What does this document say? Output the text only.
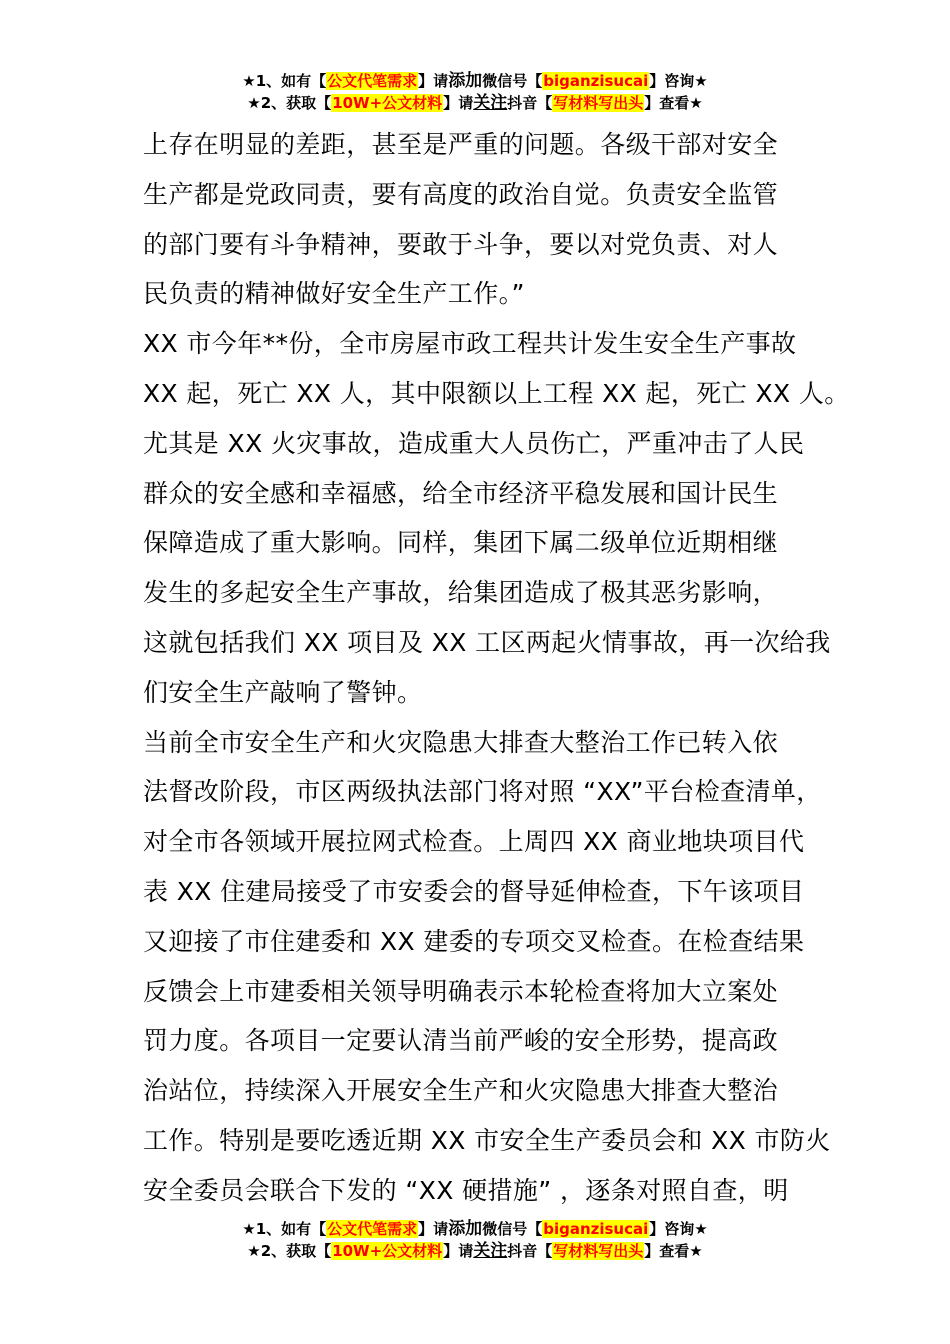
★1、如有【公文代笔需求】请添加微信号【biganzisucai】咨询★
★2、获取【10W+公文材料】请关注抖音【写材料写出头】查看★
上存在明显的差距，甚至是严重的问题。各级干部对安全
生产都是党政同责，要有高度的政治自觉。负责安全监管
的部门要有斗争精神，要敢于斗争，要以对党负责、对人
民负责的精神做好安全生产工作。”
XX 市今年**份，全市房屋市政工程共计发生安全生产事故
XX 起，死亡 XX 人，其中限额以上工程 XX 起，死亡 XX 人。
尤其是 XX 火灾事故，造成重大人员伤亡，严重冲击了人民
群众的安全感和幸福感，给全市经济平稳发展和国计民生
保障造成了重大影响。同样，集团下属二级单位近期相继
发生的多起安全生产事故，给集团造成了极其恶劣影响，
这就包括我们 XX 项目及 XX 工区两起火情事故，再一次给我
们安全生产敲响了警钟。
当前全市安全生产和火灾隐患大排查大整治工作已转入依
法督改阶段，市区两级执法部门将对照 “XX”平台检查清单，
对全市各领域开展拉网式检查。上周四 XX 商业地块项目代
表 XX 住建局接受了市安委会的督导延伸检查，下午该项目
又迎接了市住建委和 XX 建委的专项交叉检查。在检查结果
反馈会上市建委相关领导明确表示本轮检查将加大立案处
罚力度。各项目一定要认清当前严峻的安全形势，提高政
治站位，持续深入开展安全生产和火灾隐患大排查大整治
工作。特别是要吃透近期 XX 市安全生产委员会和 XX 市防火
安全委员会联合下发的 “XX 硬措施” ，逐条对照自查，明
★1、如有【公文代笔需求】请添加微信号【biganzisucai】咨询★
★2、获取【10W+公文材料】请关注抖音【写材料写出头】查看★
